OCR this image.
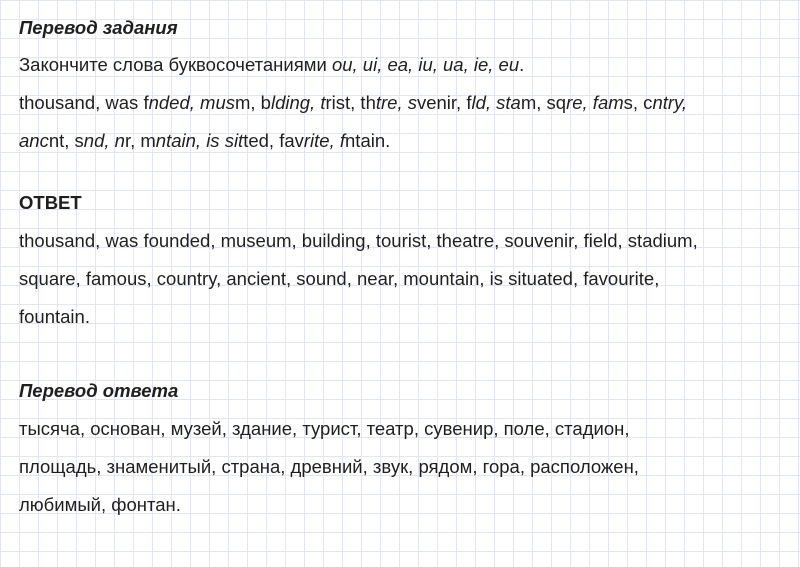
Перевод задания
Закончите слова буквосочетаниями ou, ui, ea, iu, ua, ie, eu.
thousand, was fnded, musm, blding, trist, thtre, svenir, fld, stam, sqre, fams, cntry,
ancnt, snd, nr, mntain, is sitted, favrite, fntain.
ОТВЕТ
thousand, was founded, museum, building, tourist, theatre, souvenir, field, stadium,
square, famous, country, ancient, sound, near, mountain, is situated, favourite,
fountain.
Перевод ответа
тысяча, основан, музей, здание, турист, театр, сувенир, поле, стадион,
площадь, знаменитый, страна, древний, звук, рядом, гора, расположен,
любимый, фонтан.
